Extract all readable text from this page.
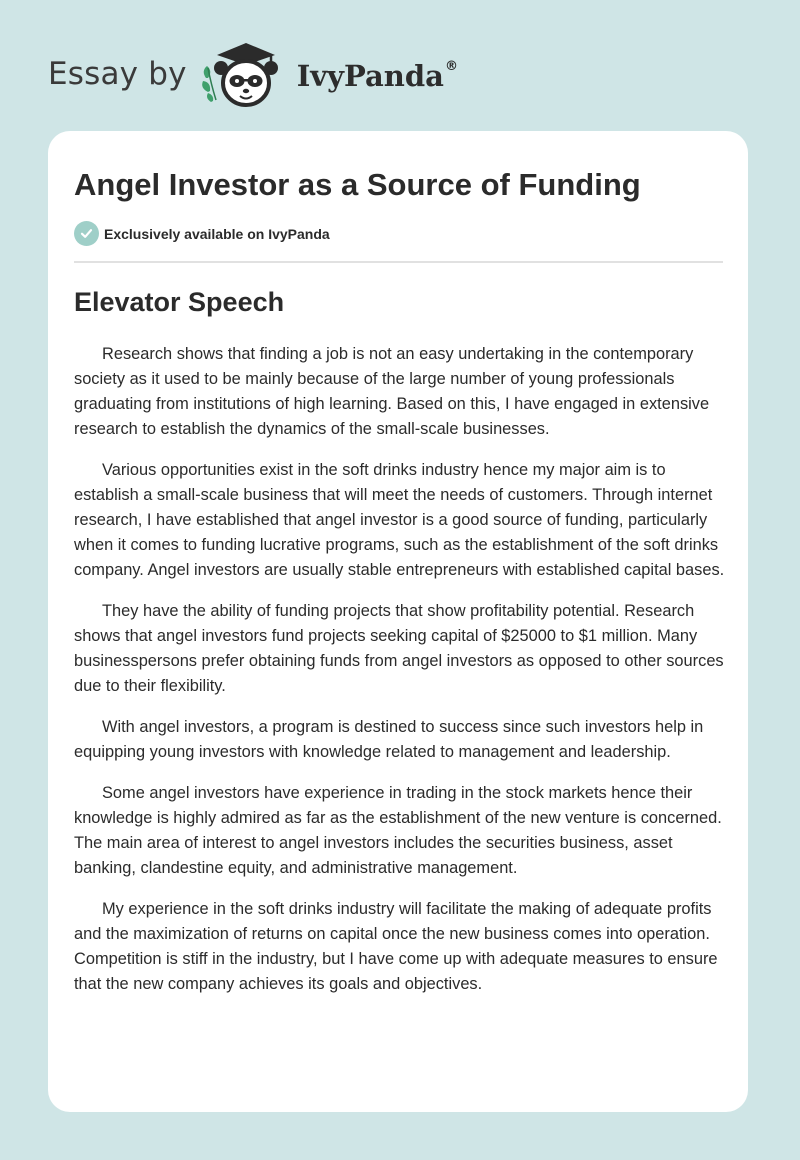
Essay by	IvyPanda ®
Angel Investor as a Source of Funding
Exclusively available on IvyPanda
Elevator Speech

Research shows that finding a job is not an easy undertaking in the contemporary society as it used to be mainly because of the large number of young professionals graduating from institutions of high learning. Based on this, I have engaged in extensive research to establish the dynamics of the small-scale businesses.

Various opportunities exist in the soft drinks industry hence my major aim is to establish a small-scale business that will meet the needs of customers. Through internet research, I have established that angel investor is a good source of funding, particularly when it comes to funding lucrative programs, such as the establishment of the soft drinks company. Angel investors are usually stable entrepreneurs with established capital bases.

They have the ability of funding projects that show profitability potential. Research shows that angel investors fund projects seeking capital of $25000 to $1 million. Many businesspersons prefer obtaining funds from angel investors as opposed to other sources due to their flexibility.

With angel investors, a program is destined to success since such investors help in equipping young investors with knowledge related to management and leadership.

Some angel investors have experience in trading in the stock markets hence their knowledge is highly admired as far as the establishment of the new venture is concerned. The main area of interest to angel investors includes the securities business, asset banking, clandestine equity, and administrative management.

My experience in the soft drinks industry will facilitate the making of adequate profits and the maximization of returns on capital once the new business comes into operation. Competition is stiff in the industry, but I have come up with adequate measures to ensure that the new company achieves its goals and objectives.
